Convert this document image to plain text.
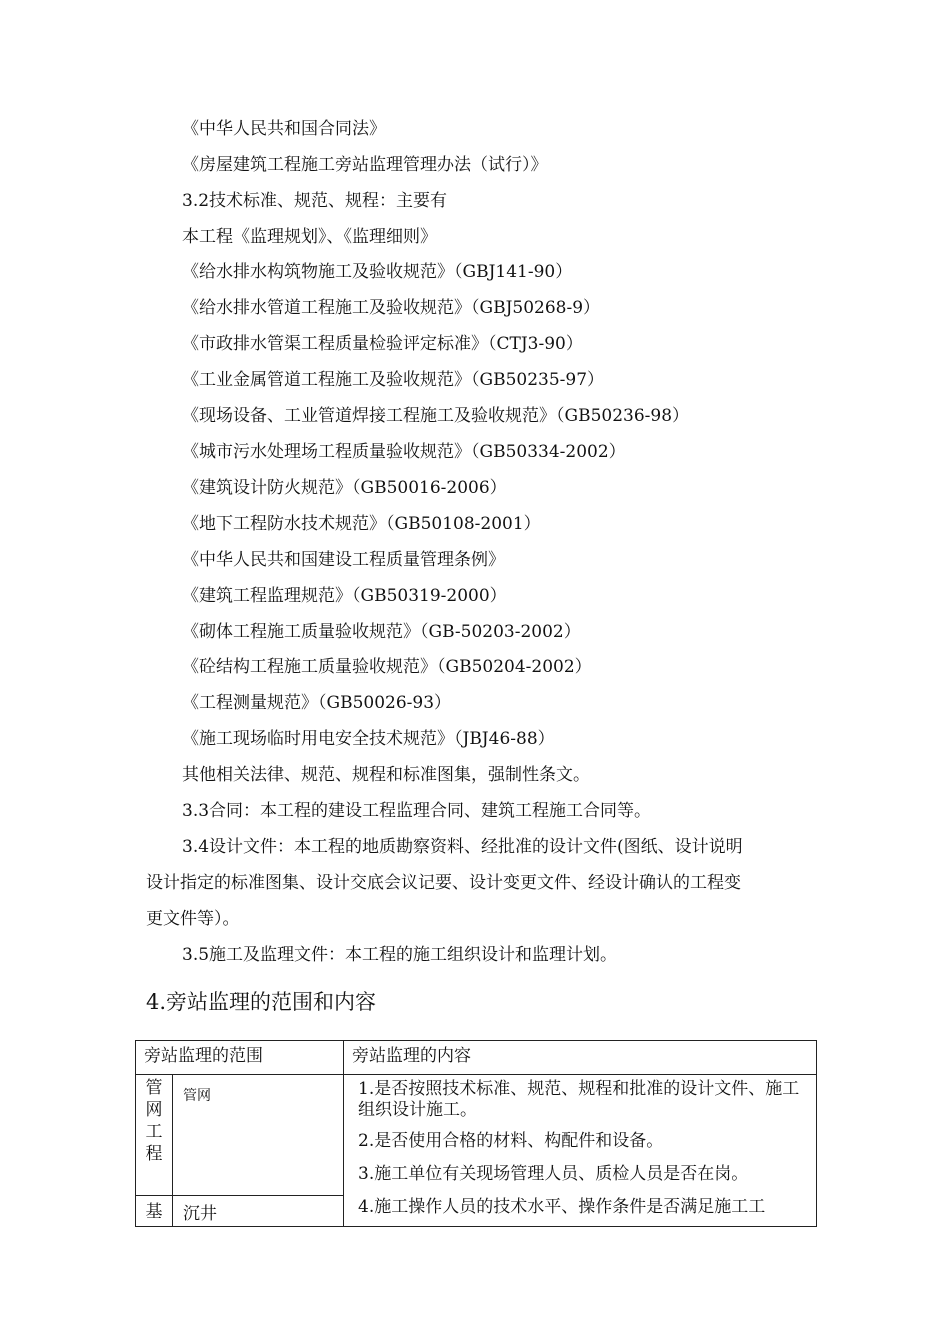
《中华人民共和国合同法》
《房屋建筑工程施工旁站监理管理办法（试行）》
3.2技术标准、规范、规程：主要有
本工程《监理规划》、《监理细则》
《给水排水构筑物施工及验收规范》（GBJ141-90）
《给水排水管道工程施工及验收规范》（GBJ50268-9）
《市政排水管渠工程质量检验评定标准》（CTJ3-90）
《工业金属管道工程施工及验收规范》（GB50235-97）
《现场设备、工业管道焊接工程施工及验收规范》（GB50236-98）
《城市污水处理场工程质量验收规范》（GB50334-2002）
《建筑设计防火规范》（GB50016-2006）
《地下工程防水技术规范》（GB50108-2001）
《中华人民共和国建设工程质量管理条例》
《建筑工程监理规范》（GB50319-2000）
《砌体工程施工质量验收规范》（GB-50203-2002）
《砼结构工程施工质量验收规范》（GB50204-2002）
《工程测量规范》（GB50026-93）
《施工现场临时用电安全技术规范》（JBJ46-88）
其他相关法律、规范、规程和标准图集，强制性条文。
3.3合同：本工程的建设工程监理合同、建筑工程施工合同等。
3.4设计文件：本工程的地质勘察资料、经批准的设计文件(图纸、设计说明
设计指定的标准图集、设计交底会议记要、设计变更文件、经设计确认的工程变
更文件等）。
3.5施工及监理文件：本工程的施工组织设计和监理计划。
4.旁站监理的范围和内容
旁站监理的范围		旁站监理的内容

管网工程	管网	1.是否按照技术标准、规范、规程和批准的设计文件、施工组织设计施工。
2.是否使用合格的材料、构配件和设备。
3.施工单位有关现场管理人员、质检人员是否在岗。
4.施工操作人员的技术水平、操作条件是否满足施工工

基	沉井	
